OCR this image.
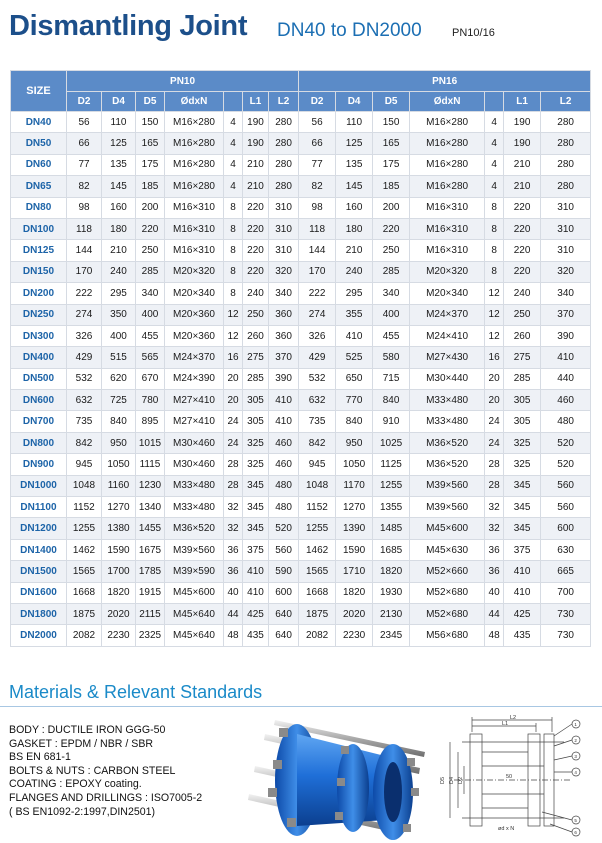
Dismantling Joint DN40 to DN2000	PN10/16
SIZE	PN10							PN16						
	D2	D4	D5	ØdxN		L1	L2	D2	D4	D5	ØdxN		L1	L2
DN40	56	110	150	M16×280	4	190	280	56	110	150	M16×280	4	190	280
DN50	66	125	165	M16×280	4	190	280	66	125	165	M16×280	4	190	280
DN60	77	135	175	M16×280	4	210	280	77	135	175	M16×280	4	210	280
DN65	82	145	185	M16×280	4	210	280	82	145	185	M16×280	4	210	280
DN80	98	160	200	M16×310	8	220	310	98	160	200	M16×310	8	220	310
DN100	118	180	220	M16×310	8	220	310	118	180	220	M16×310	8	220	310
DN125	144	210	250	M16×310	8	220	310	144	210	250	M16×310	8	220	310
DN150	170	240	285	M20×320	8	220	320	170	240	285	M20×320	8	220	320
DN200	222	295	340	M20×340	8	240	340	222	295	340	M20×340	12	240	340
DN250	274	350	400	M20×360	12	250	360	274	355	400	M24×370	12	250	370
DN300	326	400	455	M20×360	12	260	360	326	410	455	M24×410	12	260	390
DN400	429	515	565	M24×370	16	275	370	429	525	580	M27×430	16	275	410
DN500	532	620	670	M24×390	20	285	390	532	650	715	M30×440	20	285	440
DN600	632	725	780	M27×410	20	305	410	632	770	840	M33×480	20	305	460
DN700	735	840	895	M27×410	24	305	410	735	840	910	M33×480	24	305	480
DN800	842	950	1015	M30×460	24	325	460	842	950	1025	M36×520	24	325	520
DN900	945	1050	1115	M30×460	28	325	460	945	1050	1125	M36×520	28	325	520
DN1000	1048	1160	1230	M33×480	28	345	480	1048	1170	1255	M39×560	28	345	560
DN1100	1152	1270	1340	M33×480	32	345	480	1152	1270	1355	M39×560	32	345	560
DN1200	1255	1380	1455	M36×520	32	345	520	1255	1390	1485	M45×600	32	345	600
DN1400	1462	1590	1675	M39×560	36	375	560	1462	1590	1685	M45×630	36	375	630
DN1500	1565	1700	1785	M39×590	36	410	590	1565	1710	1820	M52×660	36	410	665
DN1600	1668	1820	1915	M45×600	40	410	600	1668	1820	1930	M52×680	40	410	700
DN1800	1875	2020	2115	M45×640	44	425	640	1875	2020	2130	M52×680	44	425	730
DN2000	2082	2230	2325	M45×640	48	435	640	2082	2230	2345	M56×680	48	435	730
Materials & Relevant Standards
BODY : DUCTILE IRON GGG-50
GASKET : EPDM / NBR / SBR
BS EN 681-1
BOLTS & NUTS : CARBON STEEL
COATING : EPOXY coating.
FLANGES AND DRILLINGS : ISO7005-2
( BS EN1092-2:1997,DIN2501)
L2
L1
D5 D4 D2	50
ød x N
1
2
3
4
5
6
